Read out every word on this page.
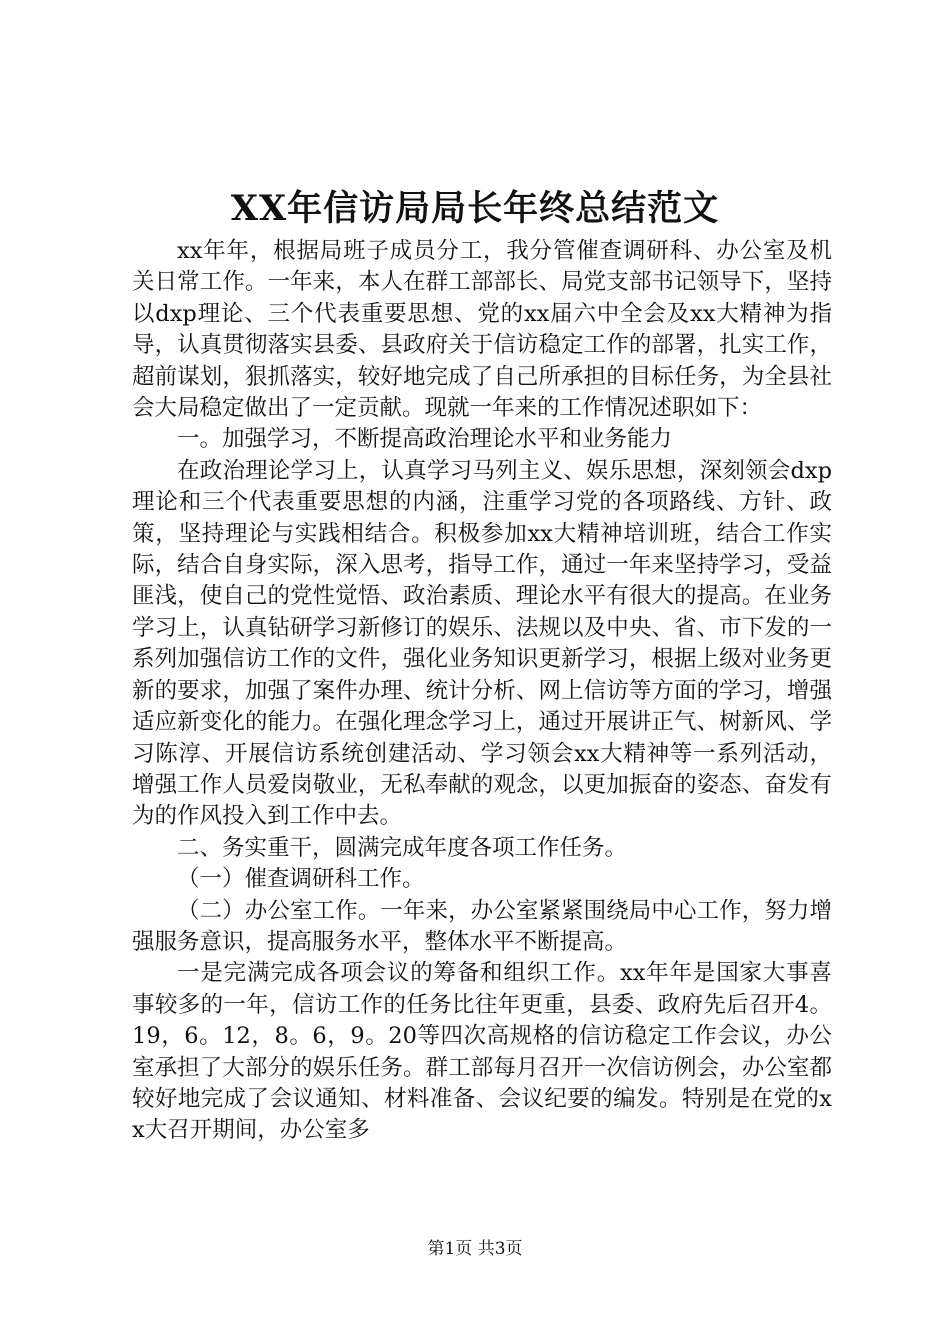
XX年信访局局长年终总结范文

xx年年，根据局班子成员分工，我分管催查调研科、办公室及机关日常工作。一年来，本人在群工部部长、局党支部书记领导下，坚持以dxp理论、三个代表重要思想、党的xx届六中全会及xx大精神为指导，认真贯彻落实县委、县政府关于信访稳定工作的部署，扎实工作，超前谋划，狠抓落实，较好地完成了自己所承担的目标任务，为全县社会大局稳定做出了一定贡献。现就一年来的工作情况述职如下：

一。加强学习，不断提高政治理论水平和业务能力

在政治理论学习上，认真学习马列主义、娱乐思想，深刻领会dxp理论和三个代表重要思想的内涵，注重学习党的各项路线、方针、政策，坚持理论与实践相结合。积极参加xx大精神培训班，结合工作实际，结合自身实际，深入思考，指导工作，通过一年来坚持学习，受益匪浅，使自己的党性觉悟、政治素质、理论水平有很大的提高。在业务学习上，认真钻研学习新修订的娱乐、法规以及中央、省、市下发的一系列加强信访工作的文件，强化业务知识更新学习，根据上级对业务更新的要求，加强了案件办理、统计分析、网上信访等方面的学习，增强适应新变化的能力。在强化理念学习上，通过开展讲正气、树新风、学习陈淳、开展信访系统创建活动、学习领会xx大精神等一系列活动，增强工作人员爱岗敬业，无私奉献的观念，以更加振奋的姿态、奋发有为的作风投入到工作中去。

二、务实重干，圆满完成年度各项工作任务。

（一）催查调研科工作。

（二）办公室工作。一年来，办公室紧紧围绕局中心工作，努力增强服务意识，提高服务水平，整体水平不断提高。

一是完满完成各项会议的筹备和组织工作。xx年年是国家大事喜事较多的一年，信访工作的任务比往年更重，县委、政府先后召开4。19，6。12，8。6，9。20等四次高规格的信访稳定工作会议，办公室承担了大部分的娱乐任务。群工部每月召开一次信访例会，办公室都较好地完成了会议通知、材料准备、会议纪要的编发。特别是在党的xx大召开期间，办公室多

第1页 共3页
